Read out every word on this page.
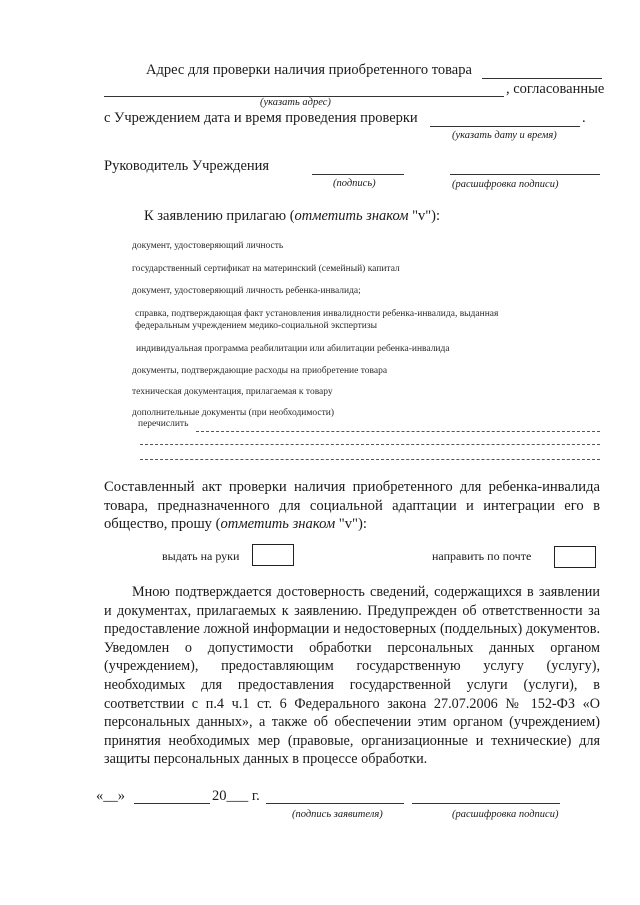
Адрес для проверки наличия приобретенного товара
, согласованные
(указать адрес)
с Учреждением дата и время проведения проверки	.
(указать дату и время)
Руководитель Учреждения
(подпись)	(расшифровка подписи)
К заявлению прилагаю (отметить знаком "v"):
документ, удостоверяющий личность
государственный сертификат на материнский (семейный) капитал
документ, удостоверяющий личность ребенка-инвалида;
справка, подтверждающая факт установления инвалидности ребенка-инвалида, выданная
федеральным учреждением медико-социальной экспертизы
индивидуальная программа реабилитации или абилитации ребенка-инвалида
документы, подтверждающие расходы на приобретение товара
техническая документация, прилагаемая к товару
дополнительные документы (при необходимости)
перечислить
Составленный акт проверки наличия приобретенного для ребенка-инвалида товара, предназначенного для социальной адаптации и интеграции его в общество, прошу (отметить знаком "v"):
выдать на руки	направить по почте
Мною подтверждается достоверность сведений, содержащихся в заявлении и документах, прилагаемых к заявлению. Предупрежден об ответственности за предоставление ложной информации и недостоверных (поддельных) документов. Уведомлен о допустимости обработки персональных данных органом (учреждением), предоставляющим государственную услугу (услугу), необходимых для предоставления государственной услуги (услуги), в соответствии с п.4 ч.1 ст. 6 Федерального закона 27.07.2006 № 152-ФЗ «О персональных данных», а также об обеспечении этим органом (учреждением) принятия необходимых мер (правовые, организационные и технические) для защиты персональных данных в процессе обработки.
«__»	20___ г.
(подпись заявителя)	(расшифровка подписи)
